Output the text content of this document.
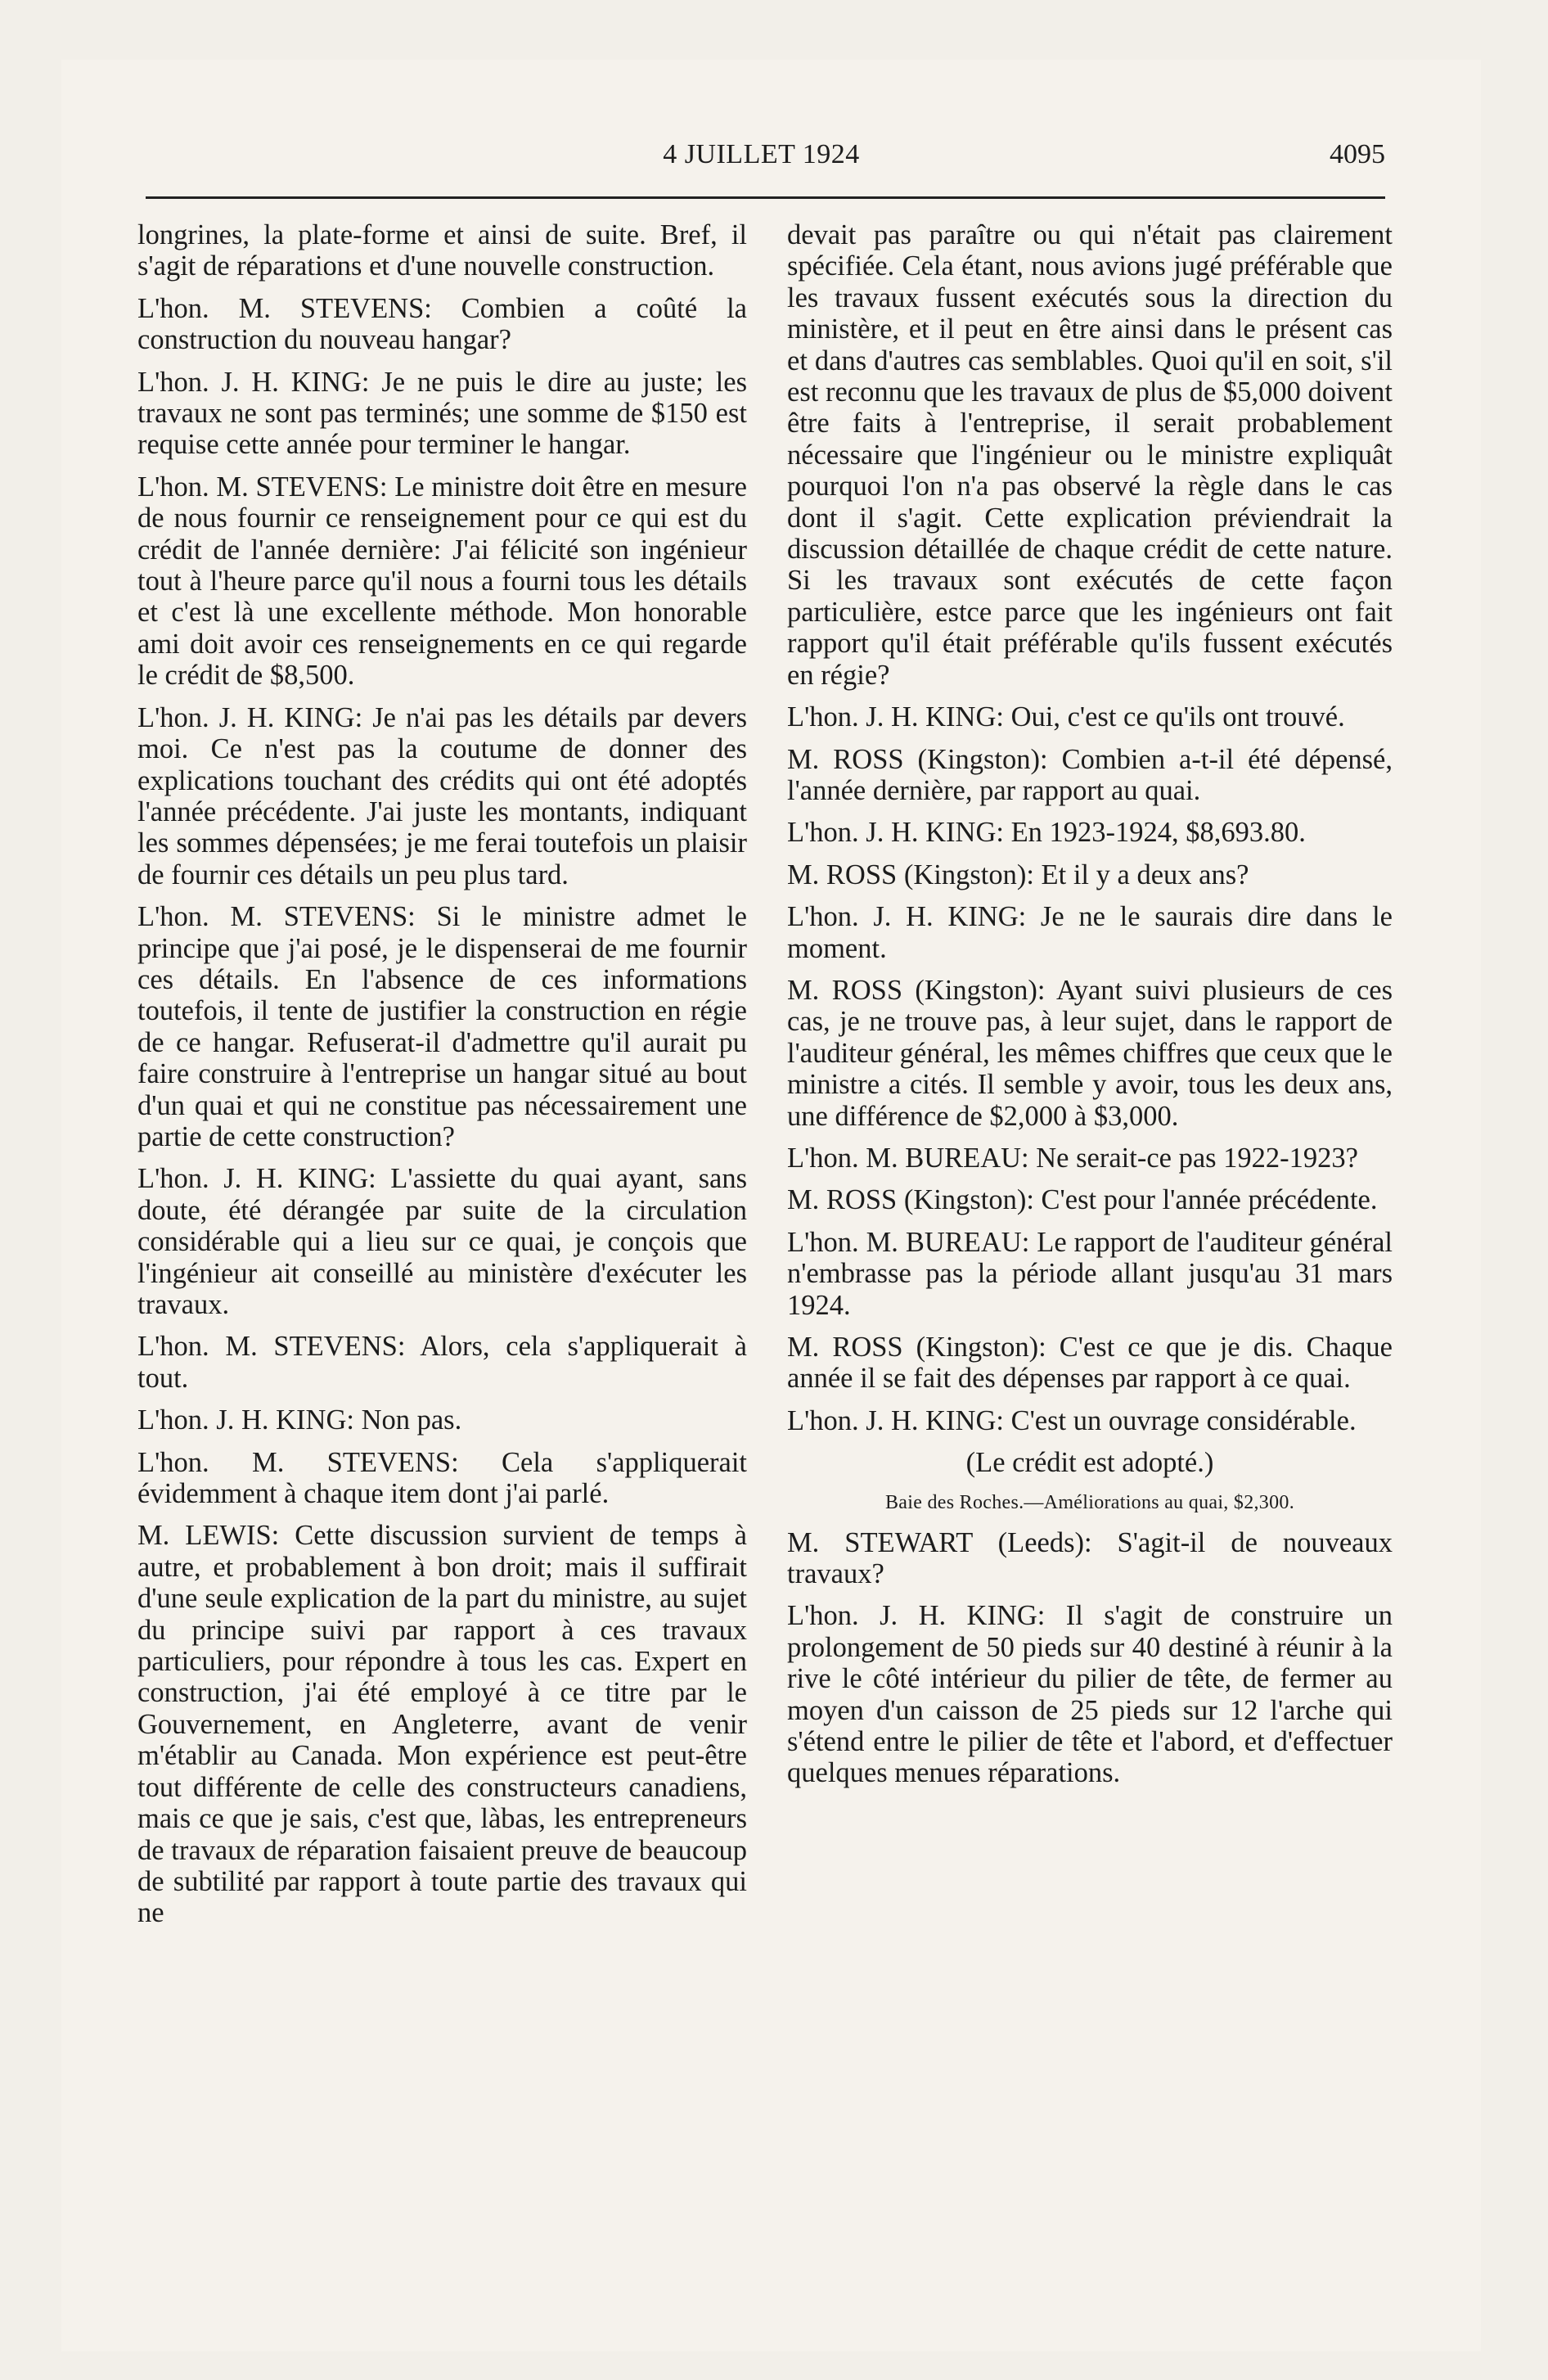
4 JUILLET 1924	4095

longrines, la plate-forme et ainsi de suite. Bref, il s'agit de réparations et d'une nouvelle construction.

L'hon. M. STEVENS: Combien a coûté la construction du nouveau hangar?

L'hon. J. H. KING: Je ne puis le dire au juste; les travaux ne sont pas terminés; une somme de $150 est requise cette année pour terminer le hangar.

L'hon. M. STEVENS: Le ministre doit être en mesure de nous fournir ce renseignement pour ce qui est du crédit de l'année dernière: J'ai félicité son ingénieur tout à l'heure parce qu'il nous a fourni tous les détails et c'est là une excellente méthode. Mon honorable ami doit avoir ces renseignements en ce qui regarde le crédit de $8,500.

L'hon. J. H. KING: Je n'ai pas les détails par devers moi. Ce n'est pas la coutume de donner des explications touchant des crédits qui ont été adoptés l'année précédente. J'ai juste les montants, indiquant les sommes dépensées; je me ferai toutefois un plaisir de fournir ces détails un peu plus tard.

L'hon. M. STEVENS: Si le ministre admet le principe que j'ai posé, je le dispenserai de me fournir ces détails. En l'absence de ces informations toutefois, il tente de justifier la construction en régie de ce hangar. Refuserat-il d'admettre qu'il aurait pu faire construire à l'entreprise un hangar situé au bout d'un quai et qui ne constitue pas nécessairement une partie de cette construction?

L'hon. J. H. KING: L'assiette du quai ayant, sans doute, été dérangée par suite de la circulation considérable qui a lieu sur ce quai, je conçois que l'ingénieur ait conseillé au ministère d'exécuter les travaux.

L'hon. M. STEVENS: Alors, cela s'appliquerait à tout.

L'hon. J. H. KING: Non pas.

L'hon. M. STEVENS: Cela s'appliquerait évidemment à chaque item dont j'ai parlé.

M. LEWIS: Cette discussion survient de temps à autre, et probablement à bon droit; mais il suffirait d'une seule explication de la part du ministre, au sujet du principe suivi par rapport à ces travaux particuliers, pour répondre à tous les cas. Expert en construction, j'ai été employé à ce titre par le Gouvernement, en Angleterre, avant de venir m'établir au Canada. Mon expérience est peut-être tout différente de celle des constructeurs canadiens, mais ce que je sais, c'est que, làbas, les entrepreneurs de travaux de réparation faisaient preuve de beaucoup de subtilité par rapport à toute partie des travaux qui ne

devait pas paraître ou qui n'était pas clairement spécifiée. Cela étant, nous avions jugé préférable que les travaux fussent exécutés sous la direction du ministère, et il peut en être ainsi dans le présent cas et dans d'autres cas semblables. Quoi qu'il en soit, s'il est reconnu que les travaux de plus de $5,000 doivent être faits à l'entreprise, il serait probablement nécessaire que l'ingénieur ou le ministre expliquât pourquoi l'on n'a pas observé la règle dans le cas dont il s'agit. Cette explication préviendrait la discussion détaillée de chaque crédit de cette nature. Si les travaux sont exécutés de cette façon particulière, estce parce que les ingénieurs ont fait rapport qu'il était préférable qu'ils fussent exécutés en régie?

L'hon. J. H. KING: Oui, c'est ce qu'ils ont trouvé.

M. ROSS (Kingston): Combien a-t-il été dépensé, l'année dernière, par rapport au quai.

L'hon. J. H. KING: En 1923-1924, $8,693.80.

M. ROSS (Kingston): Et il y a deux ans?

L'hon. J. H. KING: Je ne le saurais dire dans le moment.

M. ROSS (Kingston): Ayant suivi plusieurs de ces cas, je ne trouve pas, à leur sujet, dans le rapport de l'auditeur général, les mêmes chiffres que ceux que le ministre a cités. Il semble y avoir, tous les deux ans, une différence de $2,000 à $3,000.

L'hon. M. BUREAU: Ne serait-ce pas 1922-1923?

M. ROSS (Kingston): C'est pour l'année précédente.

L'hon. M. BUREAU: Le rapport de l'auditeur général n'embrasse pas la période allant jusqu'au 31 mars 1924.

M. ROSS (Kingston): C'est ce que je dis. Chaque année il se fait des dépenses par rapport à ce quai.

L'hon. J. H. KING: C'est un ouvrage considérable.

(Le crédit est adopté.)

Baie des Roches.—Améliorations au quai, $2,300.

M. STEWART (Leeds): S'agit-il de nouveaux travaux?

L'hon. J. H. KING: Il s'agit de construire un prolongement de 50 pieds sur 40 destiné à réunir à la rive le côté intérieur du pilier de tête, de fermer au moyen d'un caisson de 25 pieds sur 12 l'arche qui s'étend entre le pilier de tête et l'abord, et d'effectuer quelques menues réparations.
